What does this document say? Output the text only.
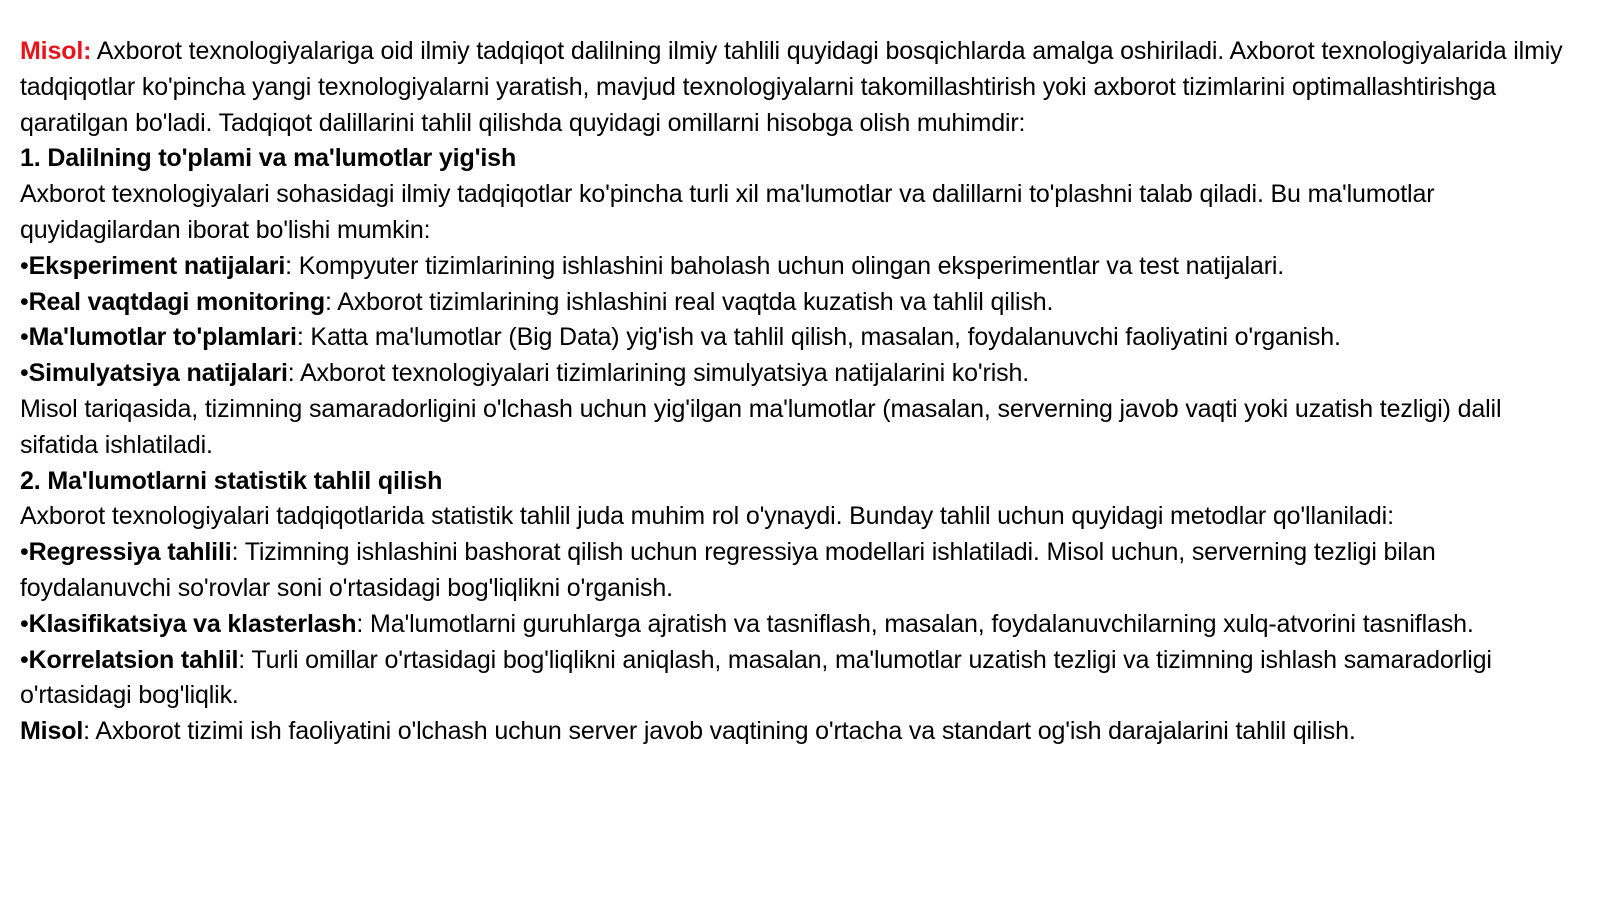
Misol: Axborot texnologiyalariga oid ilmiy tadqiqot dalilning ilmiy tahlili quyidagi bosqichlarda amalga oshiriladi. Axborot texnologiyalarida ilmiy tadqiqotlar ko'pincha yangi texnologiyalarni yaratish, mavjud texnologiyalarni takomillashtirish yoki axborot tizimlarini optimallashtirishga qaratilgan bo'ladi. Tadqiqot dalillarini tahlil qilishda quyidagi omillarni hisobga olish muhimdir:

1. Dalilning to'plami va ma'lumotlar yig'ish

Axborot texnologiyalari sohasidagi ilmiy tadqiqotlar ko'pincha turli xil ma'lumotlar va dalillarni to'plashni talab qiladi. Bu ma'lumotlar quyidagilardan iborat bo'lishi mumkin:

•Eksperiment natijalari: Kompyuter tizimlarining ishlashini baholash uchun olingan eksperimentlar va test natijalari.

•Real vaqtdagi monitoring: Axborot tizimlarining ishlashini real vaqtda kuzatish va tahlil qilish.

•Ma'lumotlar to'plamlari: Katta ma'lumotlar (Big Data) yig'ish va tahlil qilish, masalan, foydalanuvchi faoliyatini o'rganish.

•Simulyatsiya natijalari: Axborot texnologiyalari tizimlarining simulyatsiya natijalarini ko'rish.

Misol tariqasida, tizimning samaradorligini o'lchash uchun yig'ilgan ma'lumotlar (masalan, serverning javob vaqti yoki uzatish tezligi) dalil sifatida ishlatiladi.

2. Ma'lumotlarni statistik tahlil qilish

Axborot texnologiyalari tadqiqotlarida statistik tahlil juda muhim rol o'ynaydi. Bunday tahlil uchun quyidagi metodlar qo'llaniladi:

•Regressiya tahlili: Tizimning ishlashini bashorat qilish uchun regressiya modellari ishlatiladi. Misol uchun, serverning tezligi bilan foydalanuvchi so'rovlar soni o'rtasidagi bog'liqlikni o'rganish.

•Klasifikatsiya va klasterlash: Ma'lumotlarni guruhlarga ajratish va tasniflash, masalan, foydalanuvchilarning xulq-atvorini tasniflash.

•Korrelatsion tahlil: Turli omillar o'rtasidagi bog'liqlikni aniqlash, masalan, ma'lumotlar uzatish tezligi va tizimning ishlash samaradorligi o'rtasidagi bog'liqlik.

Misol: Axborot tizimi ish faoliyatini o'lchash uchun server javob vaqtining o'rtacha va standart og'ish darajalarini tahlil qilish.
